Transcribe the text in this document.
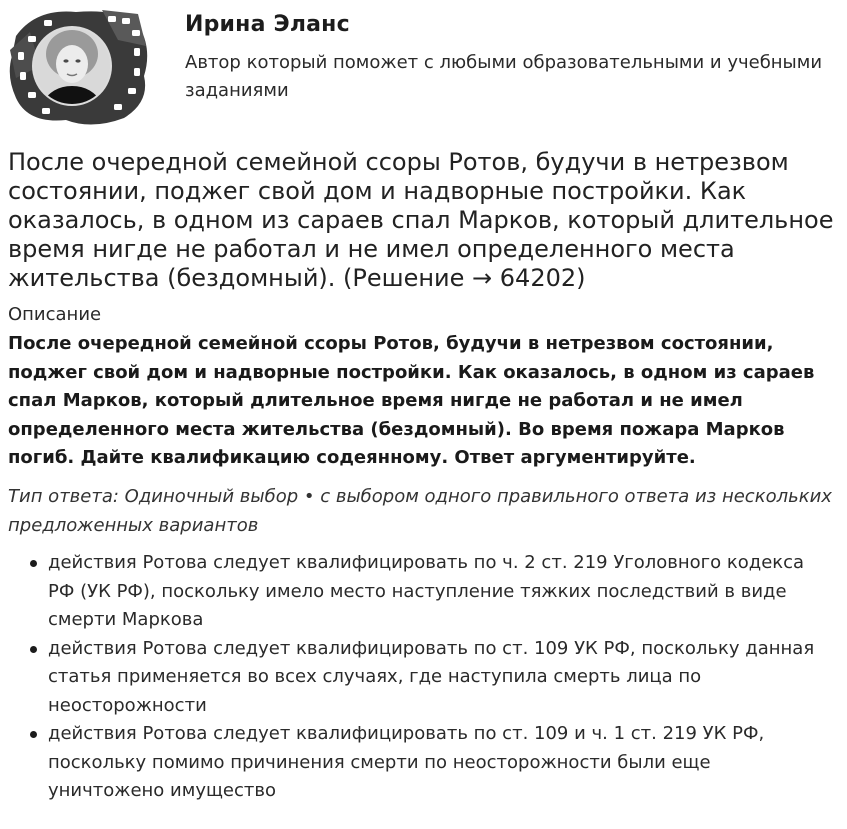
Ирина Эланс
Автор который поможет с любыми образовательными и учебными заданиями
После очередной семейной ссоры Ротов, будучи в нетрезвом состоянии, поджег свой дом и надворные постройки. Как оказалось, в одном из сараев спал Марков, который длительное время нигде не работал и не имел определенного места жительства (бездомный). (Решение → 64202)
Описание
После очередной семейной ссоры Ротов, будучи в нетрезвом состоянии, поджег свой дом и надворные постройки. Как оказалось, в одном из сараев спал Марков, который длительное время нигде не работал и не имел определенного места жительства (бездомный). Во время пожара Марков погиб. Дайте квалификацию содеянному. Ответ аргументируйте.
Тип ответа: Одиночный выбор • с выбором одного правильного ответа из нескольких предложенных вариантов
действия Ротова следует квалифицировать по ч. 2 ст. 219 Уголовного кодекса РФ (УК РФ), поскольку имело место наступление тяжких последствий в виде смерти Маркова
действия Ротова следует квалифицировать по ст. 109 УК РФ, поскольку данная статья применяется во всех случаях, где наступила смерть лица по неосторожности
действия Ротова следует квалифицировать по ст. 109 и ч. 1 ст. 219 УК РФ, поскольку помимо причинения смерти по неосторожности были еще уничтожено имущество
